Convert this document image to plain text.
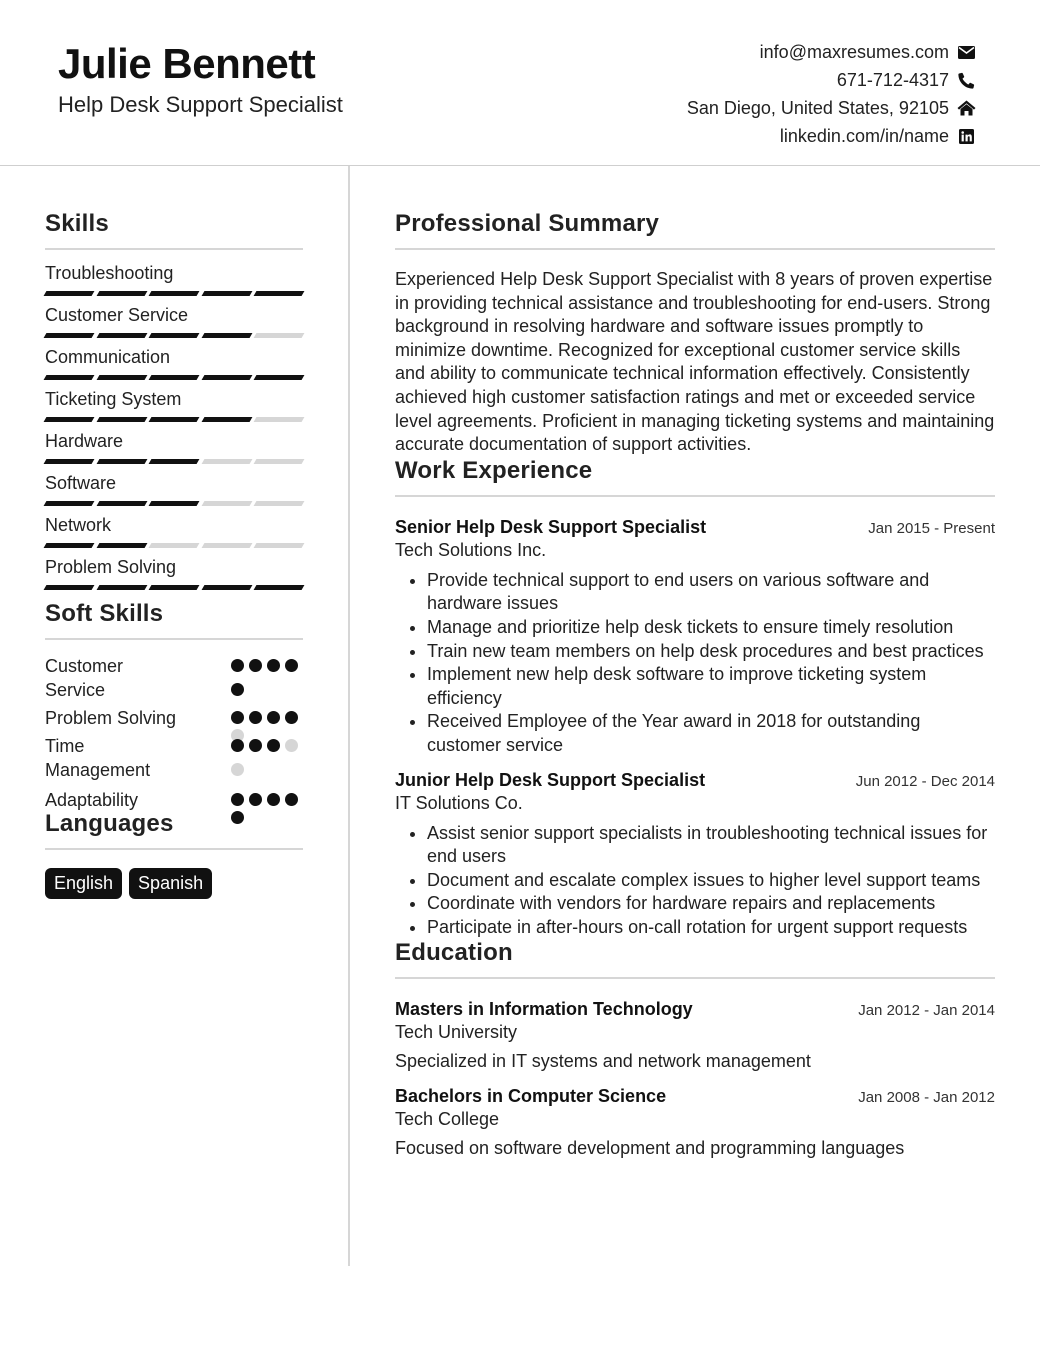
Julie Bennett
Help Desk Support Specialist
info@maxresumes.com
671-712-4317
San Diego, United States, 92105
linkedin.com/in/name
Skills
Troubleshooting
Customer Service
Communication
Ticketing System
Hardware
Software
Network
Problem Solving
Soft Skills
Customer Service
Problem Solving
Time Management
Adaptability
Languages
English	Spanish
Professional Summary
Experienced Help Desk Support Specialist with 8 years of proven expertise in providing technical assistance and troubleshooting for end-users. Strong background in resolving hardware and software issues promptly to minimize downtime. Recognized for exceptional customer service skills and ability to communicate technical information effectively. Consistently achieved high customer satisfaction ratings and met or exceeded service level agreements. Proficient in managing ticketing systems and maintaining accurate documentation of support activities.
Work Experience
Senior Help Desk Support Specialist	Jan 2015 - Present
Tech Solutions Inc.
• Provide technical support to end users on various software and hardware issues
• Manage and prioritize help desk tickets to ensure timely resolution
• Train new team members on help desk procedures and best practices
• Implement new help desk software to improve ticketing system efficiency
• Received Employee of the Year award in 2018 for outstanding customer service
Junior Help Desk Support Specialist	Jun 2012 - Dec 2014
IT Solutions Co.
• Assist senior support specialists in troubleshooting technical issues for end users
• Document and escalate complex issues to higher level support teams
• Coordinate with vendors for hardware repairs and replacements
• Participate in after-hours on-call rotation for urgent support requests
Education
Masters in Information Technology	Jan 2012 - Jan 2014
Tech University
Specialized in IT systems and network management
Bachelors in Computer Science	Jan 2008 - Jan 2012
Tech College
Focused on software development and programming languages
